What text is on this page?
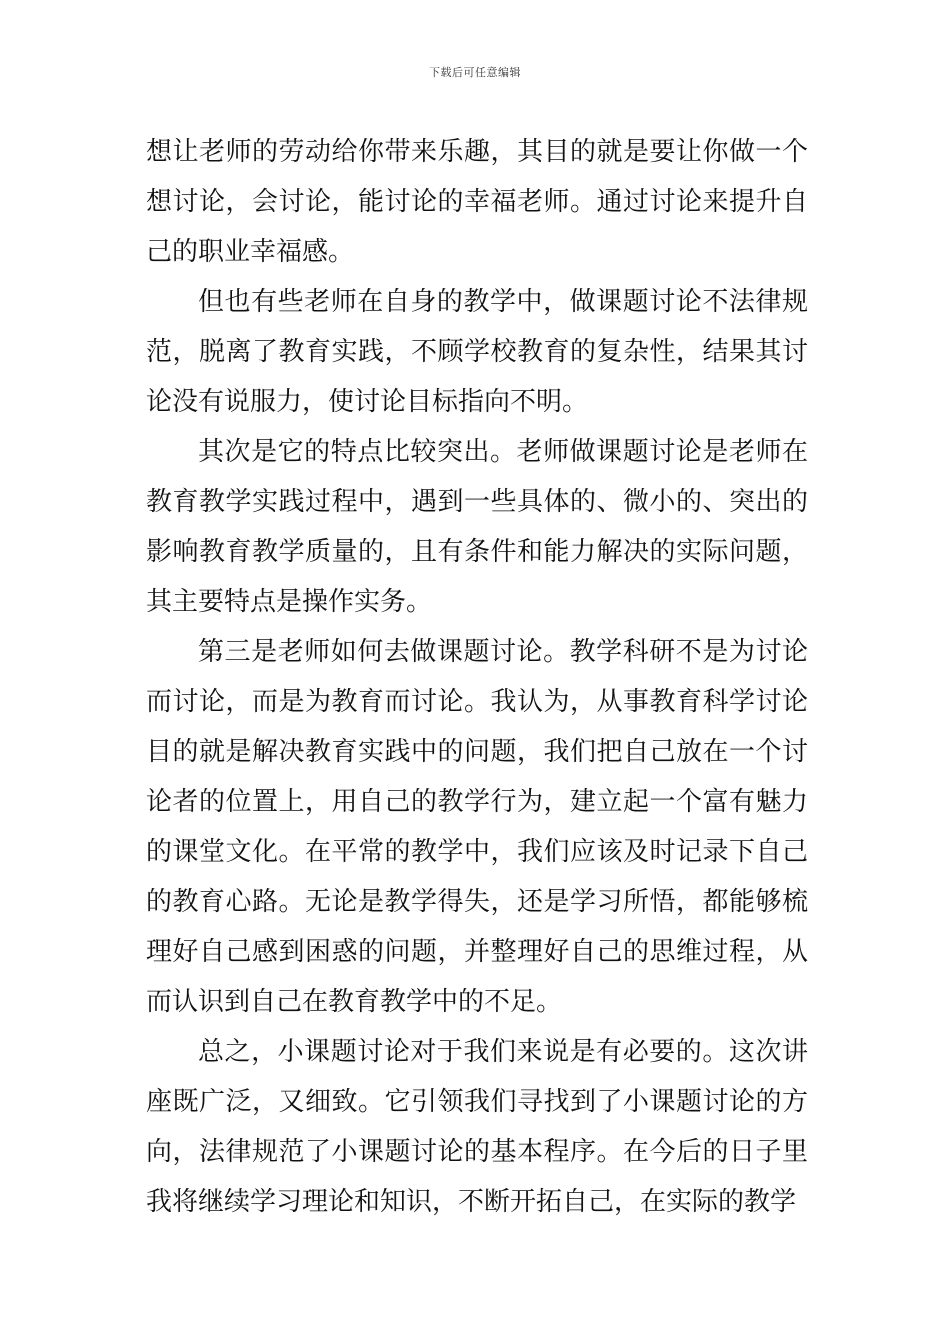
下载后可任意编辑

想让老师的劳动给你带来乐趣，其目的就是要让你做一个想讨论，会讨论，能讨论的幸福老师。通过讨论来提升自己的职业幸福感。

但也有些老师在自身的教学中，做课题讨论不法律规范，脱离了教育实践，不顾学校教育的复杂性，结果其讨论没有说服力，使讨论目标指向不明。

其次是它的特点比较突出。老师做课题讨论是老师在教育教学实践过程中，遇到一些具体的、微小的、突出的影响教育教学质量的，且有条件和能力解决的实际问题，其主要特点是操作实务。

第三是老师如何去做课题讨论。教学科研不是为讨论而讨论，而是为教育而讨论。我认为，从事教育科学讨论目的就是解决教育实践中的问题，我们把自己放在一个讨论者的位置上，用自己的教学行为，建立起一个富有魅力的课堂文化。在平常的教学中，我们应该及时记录下自己的教育心路。无论是教学得失，还是学习所悟，都能够梳理好自己感到困惑的问题，并整理好自己的思维过程，从而认识到自己在教育教学中的不足。

总之，小课题讨论对于我们来说是有必要的。这次讲座既广泛，又细致。它引领我们寻找到了小课题讨论的方向，法律规范了小课题讨论的基本程序。在今后的日子里我将继续学习理论和知识，不断开拓自己，在实际的教学
